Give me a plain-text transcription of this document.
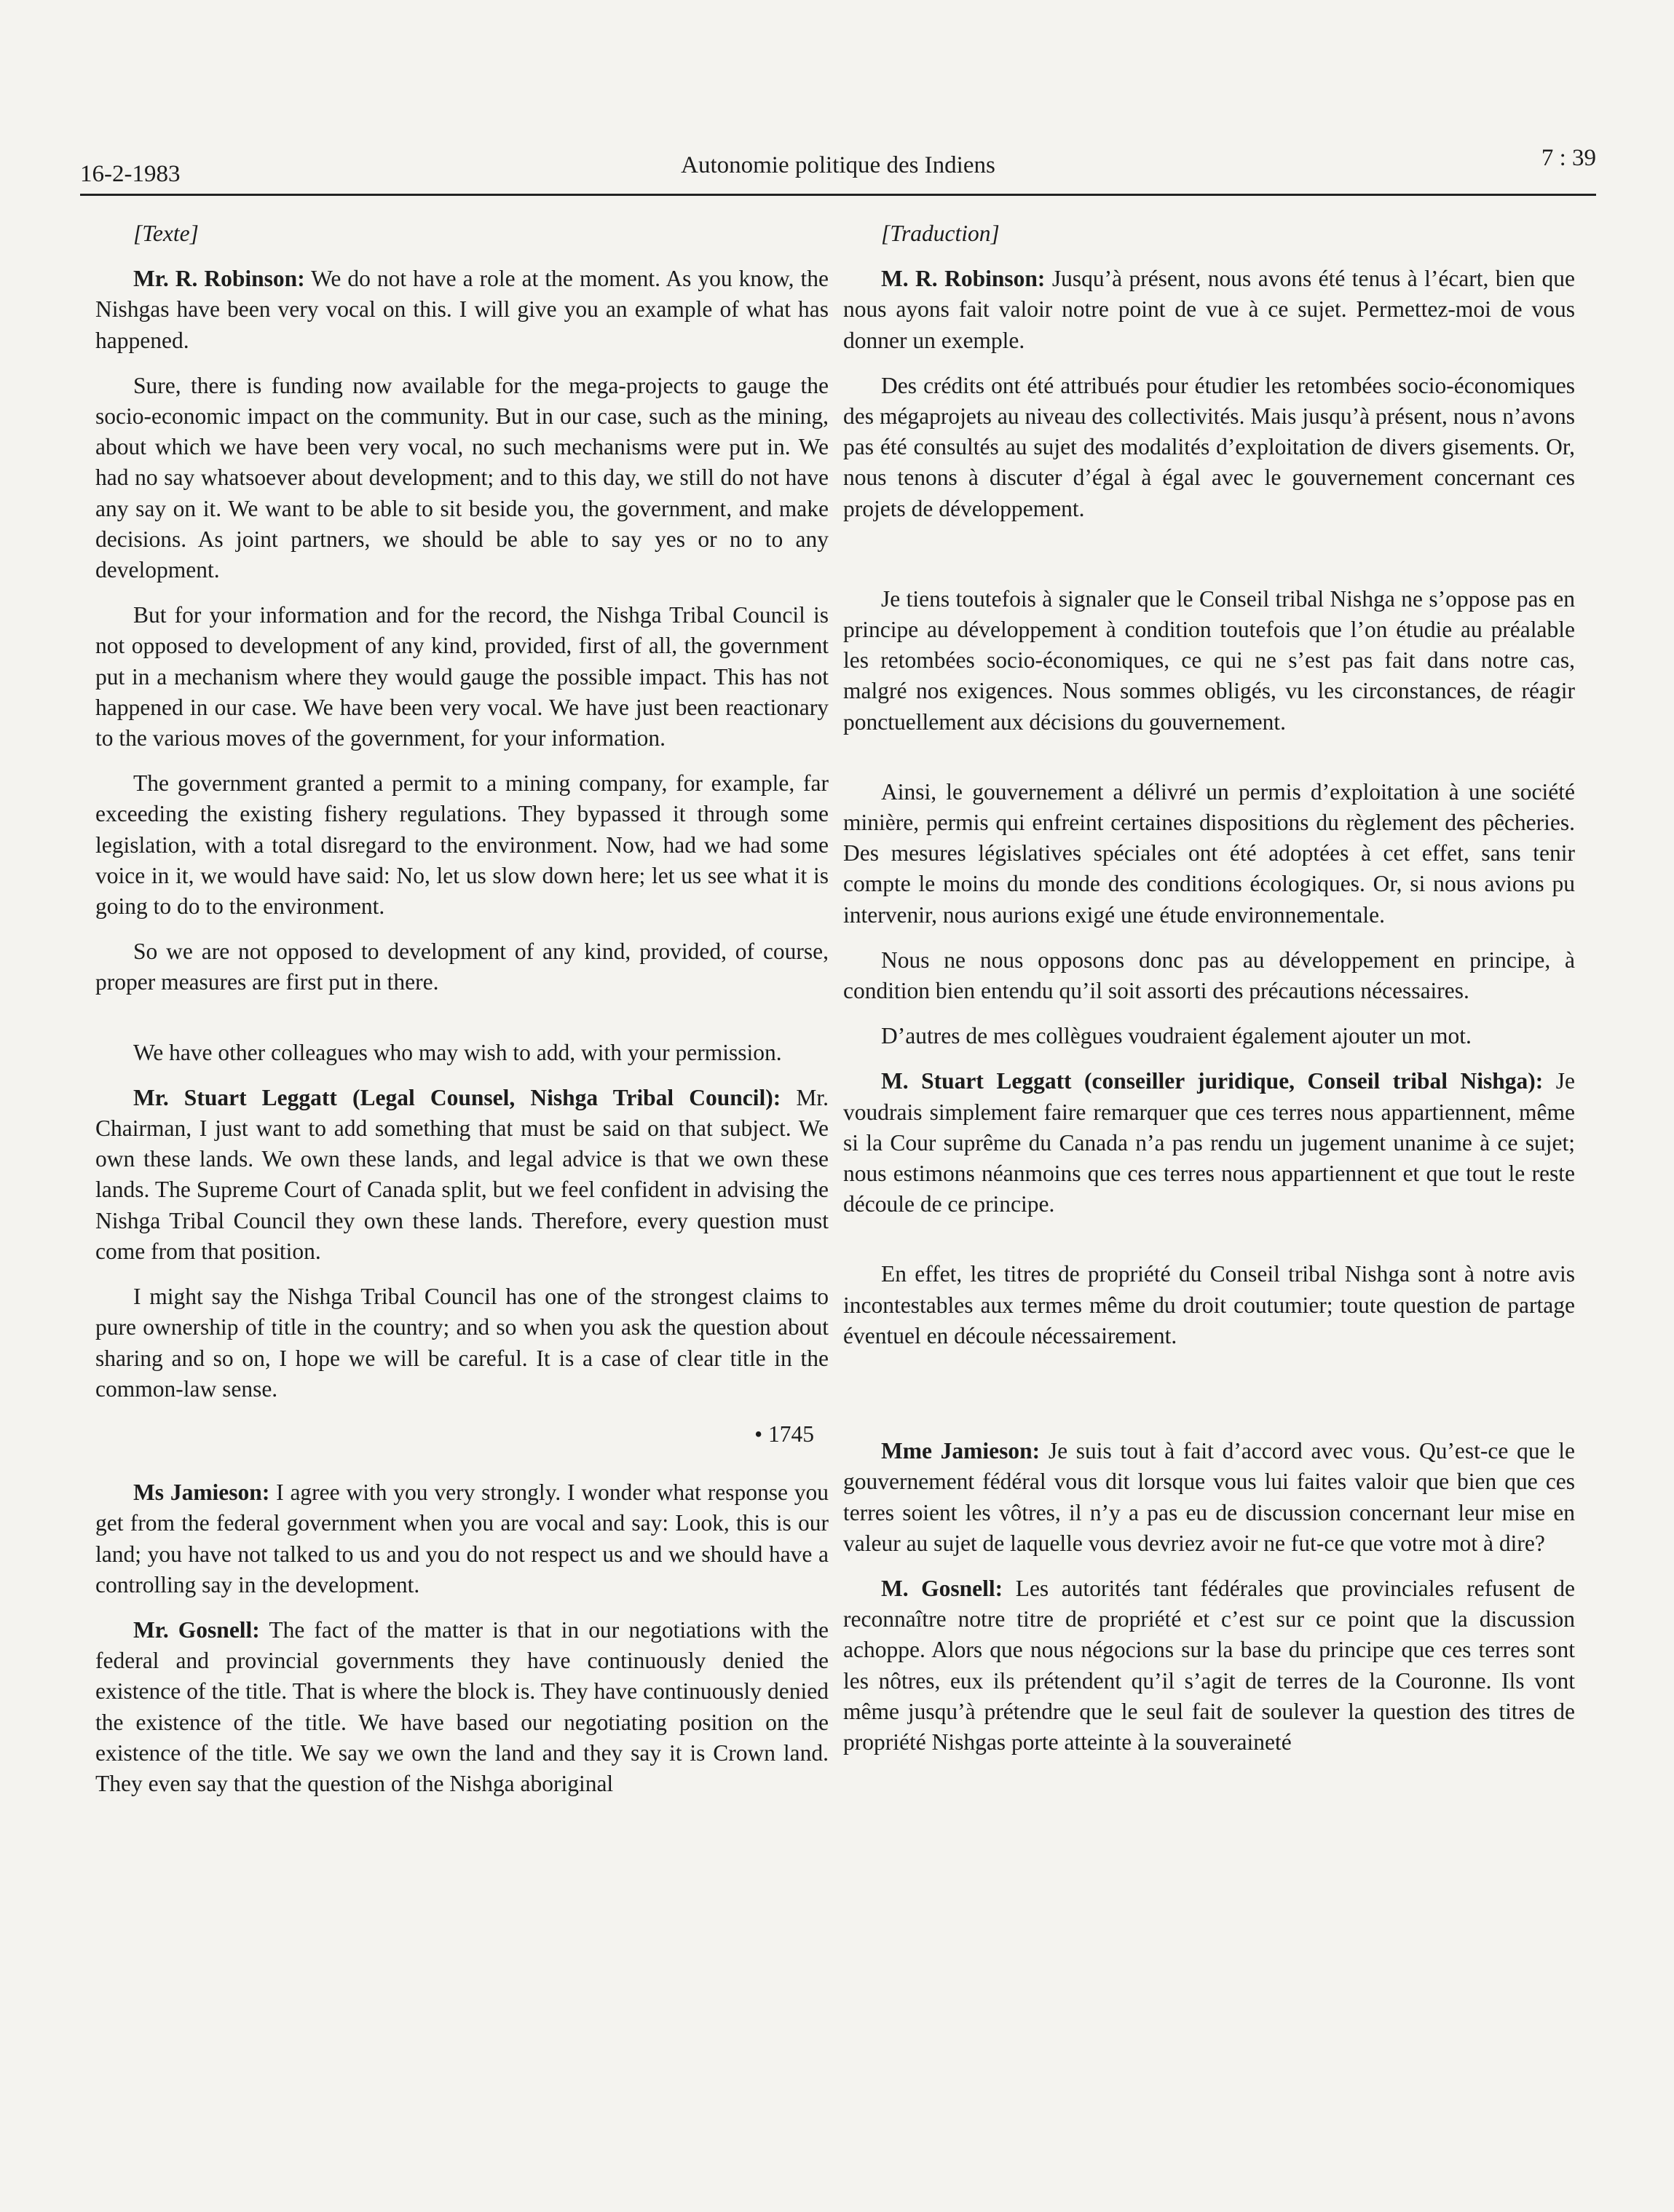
16-2-1983	Autonomie politique des Indiens	7 : 39

[Texte]

Mr. R. Robinson: We do not have a role at the moment. As you know, the Nishgas have been very vocal on this. I will give you an example of what has happened.

Sure, there is funding now available for the mega-projects to gauge the socio-economic impact on the community. But in our case, such as the mining, about which we have been very vocal, no such mechanisms were put in. We had no say whatsoever about development; and to this day, we still do not have any say on it. We want to be able to sit beside you, the government, and make decisions. As joint partners, we should be able to say yes or no to any development.

But for your information and for the record, the Nishga Tribal Council is not opposed to development of any kind, provided, first of all, the government put in a mechanism where they would gauge the possible impact. This has not happened in our case. We have been very vocal. We have just been reactionary to the various moves of the government, for your information.

The government granted a permit to a mining company, for example, far exceeding the existing fishery regulations. They bypassed it through some legislation, with a total disregard to the environment. Now, had we had some voice in it, we would have said: No, let us slow down here; let us see what it is going to do to the environment.

So we are not opposed to development of any kind, provided, of course, proper measures are first put in there.

We have other colleagues who may wish to add, with your permission.

Mr. Stuart Leggatt (Legal Counsel, Nishga Tribal Council): Mr. Chairman, I just want to add something that must be said on that subject. We own these lands. We own these lands, and legal advice is that we own these lands. The Supreme Court of Canada split, but we feel confident in advising the Nishga Tribal Council they own these lands. Therefore, every question must come from that position.

I might say the Nishga Tribal Council has one of the strongest claims to pure ownership of title in the country; and so when you ask the question about sharing and so on, I hope we will be careful. It is a case of clear title in the common-law sense.

• 1745

Ms Jamieson: I agree with you very strongly. I wonder what response you get from the federal government when you are vocal and say: Look, this is our land; you have not talked to us and you do not respect us and we should have a controlling say in the development.

Mr. Gosnell: The fact of the matter is that in our negotiations with the federal and provincial governments they have continuously denied the existence of the title. That is where the block is. They have continuously denied the existence of the title. We have based our negotiating position on the existence of the title. We say we own the land and they say it is Crown land. They even say that the question of the Nishga aboriginal

[Traduction]

M. R. Robinson: Jusqu’à présent, nous avons été tenus à l’écart, bien que nous ayons fait valoir notre point de vue à ce sujet. Permettez-moi de vous donner un exemple.

Des crédits ont été attribués pour étudier les retombées socio-économiques des mégaprojets au niveau des collectivités. Mais jusqu’à présent, nous n’avons pas été consultés au sujet des modalités d’exploitation de divers gisements. Or, nous tenons à discuter d’égal à égal avec le gouvernement concernant ces projets de développement.

Je tiens toutefois à signaler que le Conseil tribal Nishga ne s’oppose pas en principe au développement à condition toutefois que l’on étudie au préalable les retombées socio-économiques, ce qui ne s’est pas fait dans notre cas, malgré nos exigences. Nous sommes obligés, vu les circonstances, de réagir ponctuellement aux décisions du gouvernement.

Ainsi, le gouvernement a délivré un permis d’exploitation à une société minière, permis qui enfreint certaines dispositions du règlement des pêcheries. Des mesures législatives spéciales ont été adoptées à cet effet, sans tenir compte le moins du monde des conditions écologiques. Or, si nous avions pu intervenir, nous aurions exigé une étude environnementale.

Nous ne nous opposons donc pas au développement en principe, à condition bien entendu qu’il soit assorti des précautions nécessaires.

D’autres de mes collègues voudraient également ajouter un mot.

M. Stuart Leggatt (conseiller juridique, Conseil tribal Nishga): Je voudrais simplement faire remarquer que ces terres nous appartiennent, même si la Cour suprême du Canada n’a pas rendu un jugement unanime à ce sujet; nous estimons néanmoins que ces terres nous appartiennent et que tout le reste découle de ce principe.

En effet, les titres de propriété du Conseil tribal Nishga sont à notre avis incontestables aux termes même du droit coutumier; toute question de partage éventuel en découle nécessairement.

Mme Jamieson: Je suis tout à fait d’accord avec vous. Qu’est-ce que le gouvernement fédéral vous dit lorsque vous lui faites valoir que bien que ces terres soient les vôtres, il n’y a pas eu de discussion concernant leur mise en valeur au sujet de laquelle vous devriez avoir ne fut-ce que votre mot à dire?

M. Gosnell: Les autorités tant fédérales que provinciales refusent de reconnaître notre titre de propriété et c’est sur ce point que la discussion achoppe. Alors que nous négocions sur la base du principe que ces terres sont les nôtres, eux ils prétendent qu’il s’agit de terres de la Couronne. Ils vont même jusqu’à prétendre que le seul fait de soulever la question des titres de propriété Nishgas porte atteinte à la souveraineté
